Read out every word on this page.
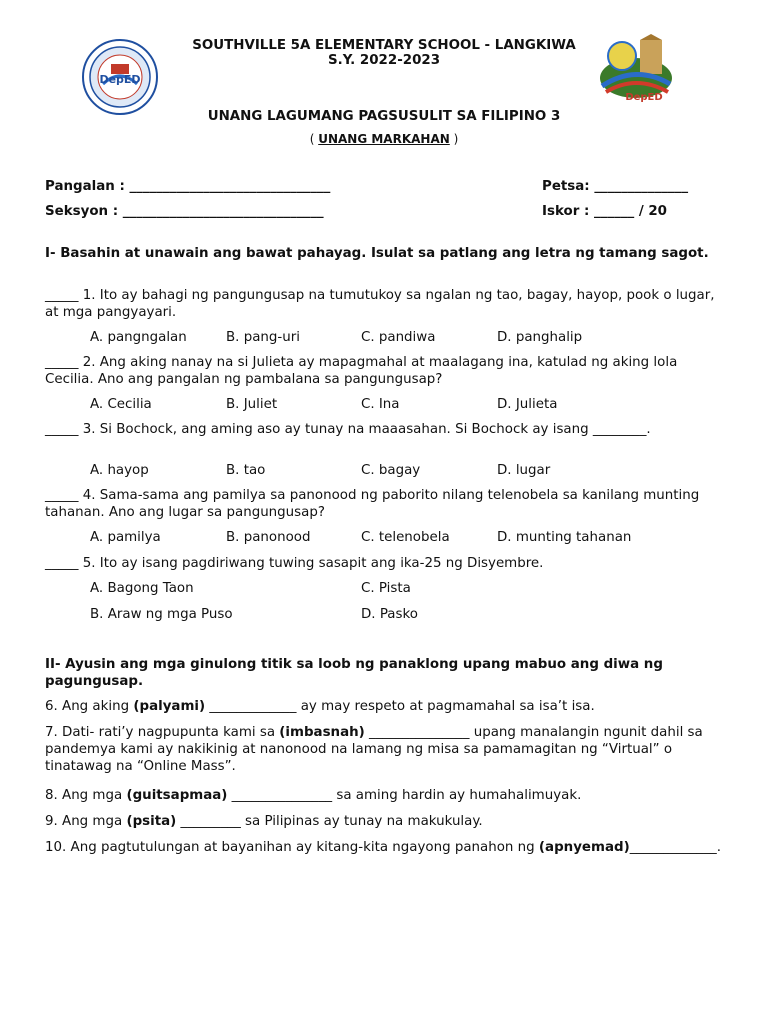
DepED
DepED
SOUTHVILLE 5A ELEMENTARY SCHOOL - LANGKIWA
S.Y. 2022-2023
UNANG LAGUMANG PAGSUSULIT SA FILIPINO 3
( UNANG MARKAHAN )
Pangalan : ______________________________	Petsa: ______________
Seksyon : ______________________________	Iskor : ______ / 20
I- Basahin at unawain ang bawat pahayag. Isulat sa patlang ang letra ng tamang sagot.
_____ 1. Ito ay bahagi ng pangungusap na tumutukoy sa ngalan ng tao, bagay, hayop, pook o lugar, at mga pangyayari.
A. pangngalan	B. pang-uri	C. pandiwa	D. panghalip
_____ 2. Ang aking nanay na si Julieta ay mapagmahal at maalagang ina, katulad ng aking lola Cecilia. Ano ang pangalan ng pambalana sa pangungusap?
A. Cecilia	B. Juliet	C. Ina	D. Julieta
_____ 3. Si Bochock, ang aming aso ay tunay na maaasahan. Si Bochock ay isang ________.
A. hayop	B. tao	C. bagay	D. lugar
_____ 4. Sama-sama ang pamilya sa panonood ng paborito nilang telenobela sa kanilang munting tahanan. Ano ang lugar sa pangungusap?
A. pamilya	B. panonood	C. telenobela	D. munting tahanan
_____ 5. Ito ay isang pagdiriwang tuwing sasapit ang ika-25 ng Disyembre.
A. Bagong Taon	C. Pista
B. Araw ng mga Puso	D. Pasko
II- Ayusin ang mga ginulong titik sa loob ng panaklong upang mabuo ang diwa ng pagungusap.
6. Ang aking (palyami) _____________ ay may respeto at pagmamahal sa isa’t isa.
7. Dati- rati’y nagpupunta kami sa (imbasnah) _______________ upang manalangin ngunit dahil sa pandemya kami ay nakikinig at nanonood na lamang ng misa sa pamamagitan ng “Virtual” o tinatawag na “Online Mass”.
8. Ang mga (guitsapmaa) _______________ sa aming hardin ay humahalimuyak.
9. Ang mga (psita) _________ sa Pilipinas ay tunay na makukulay.
10. Ang pagtutulungan at bayanihan ay kitang-kita ngayong panahon ng (apnyemad)_____________.
